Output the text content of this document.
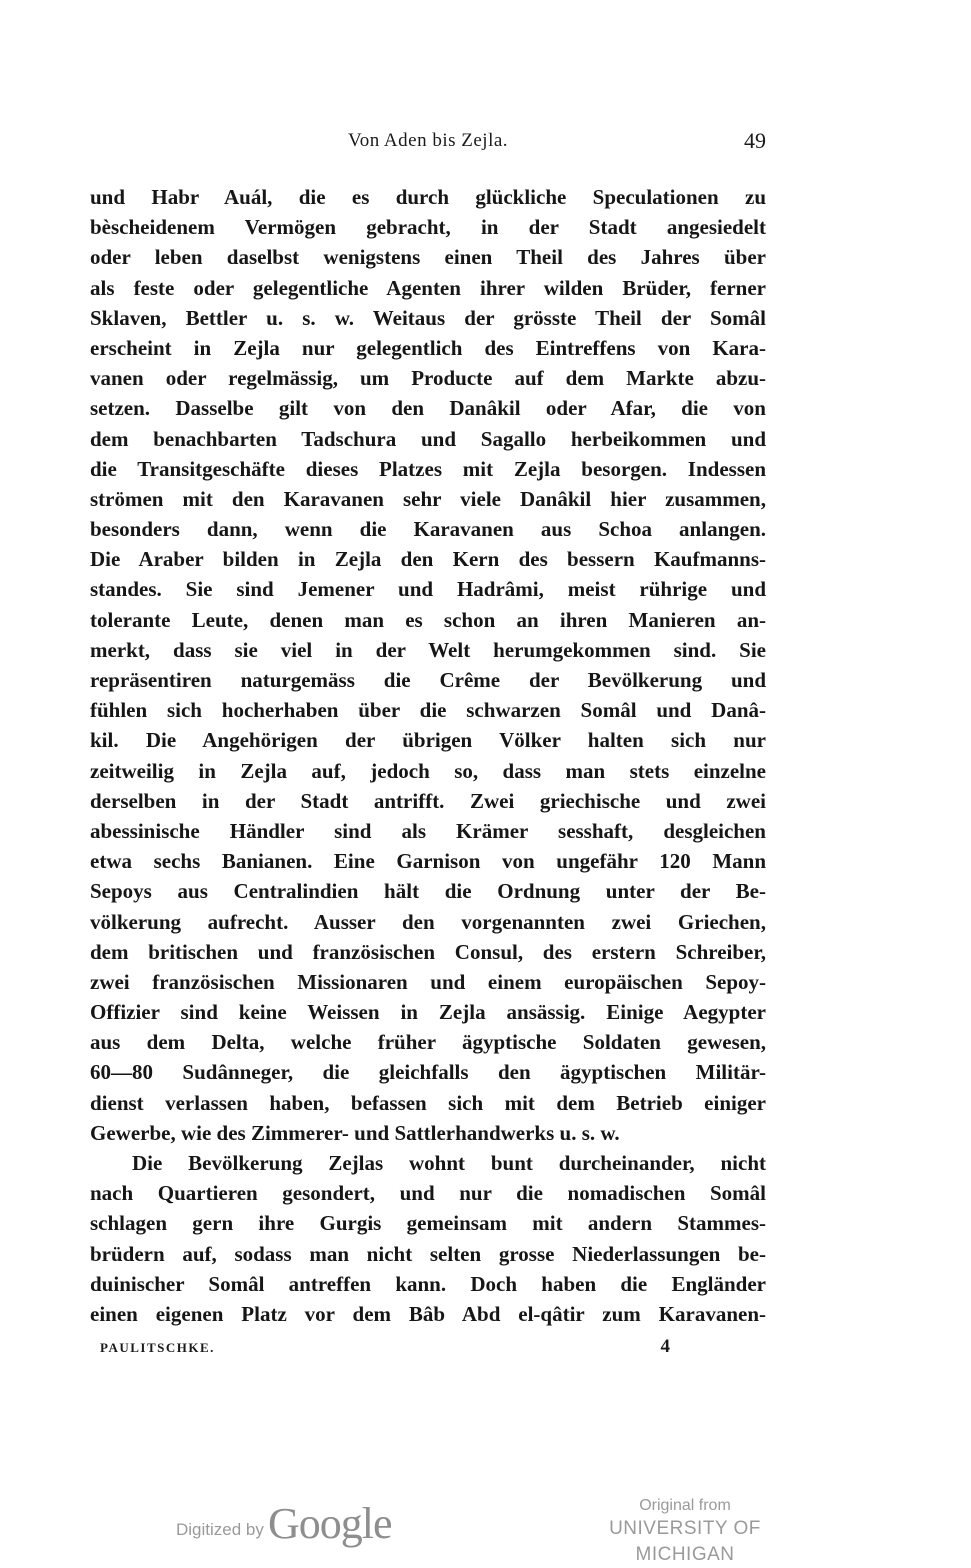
Von Aden bis Zejla.	49
und Habr Auál, die es durch glückliche Speculationen zu
bèscheidenem Vermögen gebracht, in der Stadt angesiedelt
oder leben daselbst wenigstens einen Theil des Jahres über
als feste oder gelegentliche Agenten ihrer wilden Brüder, ferner
Sklaven, Bettler u. s. w. Weitaus der grösste Theil der Somâl
erscheint in Zejla nur gelegentlich des Eintreffens von Kara-
vanen oder regelmässig, um Producte auf dem Markte abzu-
setzen. Dasselbe gilt von den Danâkil oder Afar, die von
dem benachbarten Tadschura und Sagallo herbeikommen und
die Transitgeschäfte dieses Platzes mit Zejla besorgen. Indessen
strömen mit den Karavanen sehr viele Danâkil hier zusammen,
besonders dann, wenn die Karavanen aus Schoa anlangen.
Die Araber bilden in Zejla den Kern des bessern Kaufmanns-
standes. Sie sind Jemener und Hadrâmi, meist rührige und
tolerante Leute, denen man es schon an ihren Manieren an-
merkt, dass sie viel in der Welt herumgekommen sind. Sie
repräsentiren naturgemäss die Crême der Bevölkerung und
fühlen sich hocherhaben über die schwarzen Somâl und Danâ-
kil. Die Angehörigen der übrigen Völker halten sich nur
zeitweilig in Zejla auf, jedoch so, dass man stets einzelne
derselben in der Stadt antrifft. Zwei griechische und zwei
abessinische Händler sind als Krämer sesshaft, desgleichen
etwa sechs Banianen. Eine Garnison von ungefähr 120 Mann
Sepoys aus Centralindien hält die Ordnung unter der Be-
völkerung aufrecht. Ausser den vorgenannten zwei Griechen,
dem britischen und französischen Consul, des erstern Schreiber,
zwei französischen Missionaren und einem europäischen Sepoy-
Offizier sind keine Weissen in Zejla ansässig. Einige Aegypter
aus dem Delta, welche früher ägyptische Soldaten gewesen,
60—80 Sudânneger, die gleichfalls den ägyptischen Militär-
dienst verlassen haben, befassen sich mit dem Betrieb einiger
Gewerbe, wie des Zimmerer- und Sattlerhandwerks u. s. w.
Die Bevölkerung Zejlas wohnt bunt durcheinander, nicht
nach Quartieren gesondert, und nur die nomadischen Somâl
schlagen gern ihre Gurgis gemeinsam mit andern Stammes-
brüdern auf, sodass man nicht selten grosse Niederlassungen be-
duinischer Somâl antreffen kann. Doch haben die Engländer
einen eigenen Platz vor dem Bâb Abd el-qâtir zum Karavanen-
PAULITSCHKE.	4
Digitized by Google	Original from
UNIVERSITY OF MICHIGAN
